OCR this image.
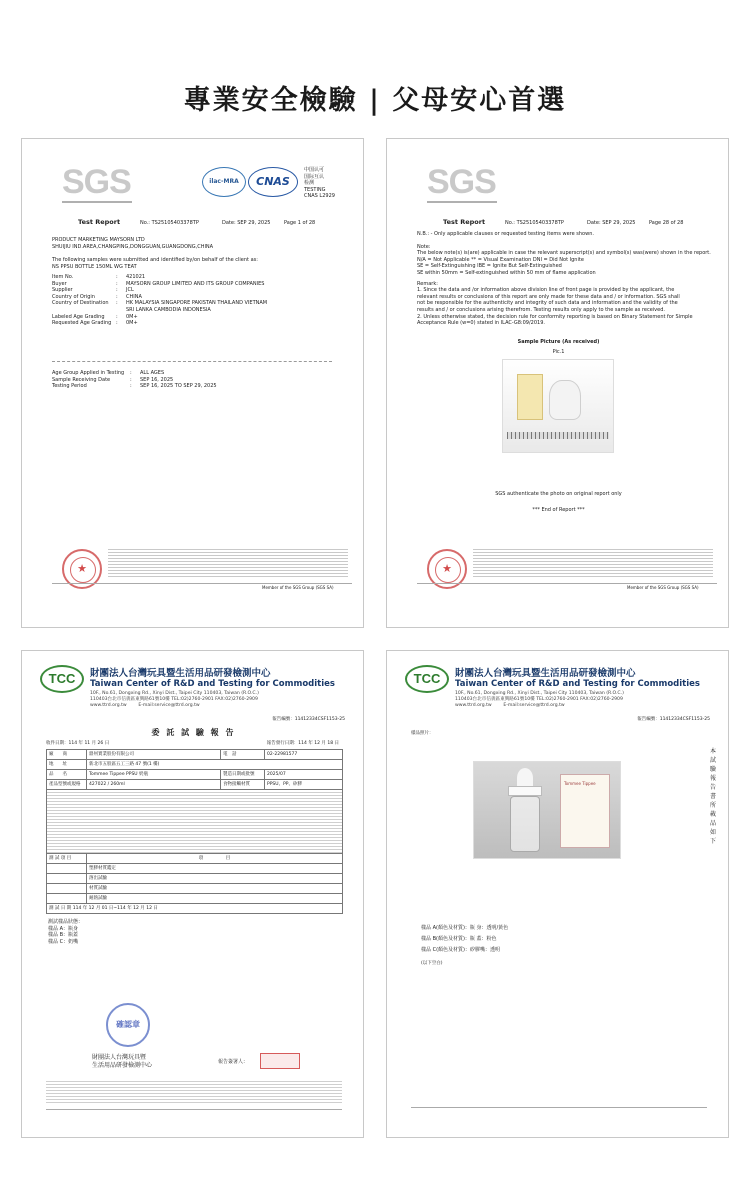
專業安全檢驗 | 父母安心首選
SGS	ilac-MRA	CNAS
中国认可
国际互认
检测
TESTING
CNAS L2929
Test Report	No.: TS25105403378TP	Date: SEP 29, 2025	Page 1 of 28
PRODUCT MARKETING MAYSORN LTD
SHUIJIU IND.AREA,CHANGPING,DONGGUAN,GUANGDONG,CHINA
The following samples were submitted and identified by/on behalf of the client as:
NS PPSU BOTTLE 150ML WG TEAT
Item No.	:	421021
Buyer	:	MAYSORN GROUP LIMITED AND ITS GROUP COMPANIES
Supplier	:	JCL
Country of Origin	:	CHINA
Country of Destination	:	HK MALAYSIA SINGAPORE PAKISTAN THAILAND VIETNAM
SRI LANKA CAMBODIA INDONESIA
Labeled Age Grading	:	0M+
Requested Age Grading :	0M+
Age Group Applied in Testing	:	ALL AGES
Sample Receiving Date	:	SEP 16, 2025
Testing Period	:	SEP 16, 2025 TO SEP 29, 2025
★
Member of the SGS Group (SGS SA)
SGS
Test Report	No.: TS25105403378TP	Date: SEP 29, 2025	Page 28 of 28
N.B.: - Only applicable clauses or requested testing items were shown.
Note:
The below note(s) is(are) applicable in case the relevant superscript(s) and symbol(s) was(were) shown in the report.
N/A = Not Applicable ** = Visual Examination DNI = Did Not Ignite
SE = Self-Extinguishing IBE = Ignite But Self-Extinguished
SE within 50mm = Self-extinguished within 50 mm of flame application
Remark:
1. Since the data and /or information above division line of front page is provided by the applicant, the
relevant results or conclusions of this report are only made for these data and / or information. SGS shall
not be responsible for the authenticity and integrity of such data and information and the validity of the
results and / or conclusions arising therefrom. Testing results only apply to the sample as received.
2. Unless otherwise stated, the decision rule for conformity reporting is based on Binary Statement for Simple
Acceptance Rule (w=0) stated in ILAC-G8:09/2019.
Sample Picture (As received)
Pic.1
SGS authenticate the photo on original report only
*** End of Report ***
★
Member of the SGS Group (SGS SA)
TCC	財團法人台灣玩具暨生活用品研發檢測中心
Taiwan Center of R&D and Testing for Commodities
10F., No.61, Dongxing Rd., Xinyi Dist., Taipei City 110403, Taiwan (R.O.C.)
110403台北市信義區東興路61號10樓 TEL:02)2760-2901 FAX:02)2760-2909
www.ttrd.org.tw	E-mail:service@ttrd.org.tw
報告編號：11412334CSF1153-25
委 託 試 驗 報 告
收件日期：114 年 11 月 26 日	報告發行日期：114 年 12 月 18 日
廠　　商	鼎州實業股份有限公司	電　話	02-22981577
地　　址	新北市五股區五工三路 47 號(1 樓)
品　　名	Tommee Tippee PPSU 奶瓶	製造日期或批號	2025/07
產品型號或規格	427022 / 260ml	食物接觸材質	PPSU、PP、矽膠
測 試 項 目	項　　　　　目
塑膠材質鑑定
溶出試驗
材質試驗
耐熱試驗
測 試 日 期 114 年 12 月 01 日~114 年 12 月 12 日
測試樣品狀態：
樣品 A：瓶身
樣品 B：瓶蓋
樣品 C：奶嘴
確認章
財團法人台灣玩具暨
生活用品研發檢測中心	報告簽署人：
TCC	財團法人台灣玩具暨生活用品研發檢測中心
Taiwan Center of R&D and Testing for Commodities
10F., No.61, Dongxing Rd., Xinyi Dist., Taipei City 110403, Taiwan (R.O.C.)
110403台北市信義區東興路61號10樓 TEL:02)2760-2901 FAX:02)2760-2909
www.ttrd.org.tw	E-mail:service@ttrd.org.tw
報告編號：11412334CSF1153-25
樣品照片：
Tommee Tippee
本試驗報告書所載品如下
樣品 A(顏色及材質)：瓶 身：透明/黃色
樣品 B(顏色及材質)：瓶 蓋：粉色
樣品 C(顏色及材質)：矽膠嘴：透明
(以下空白)
